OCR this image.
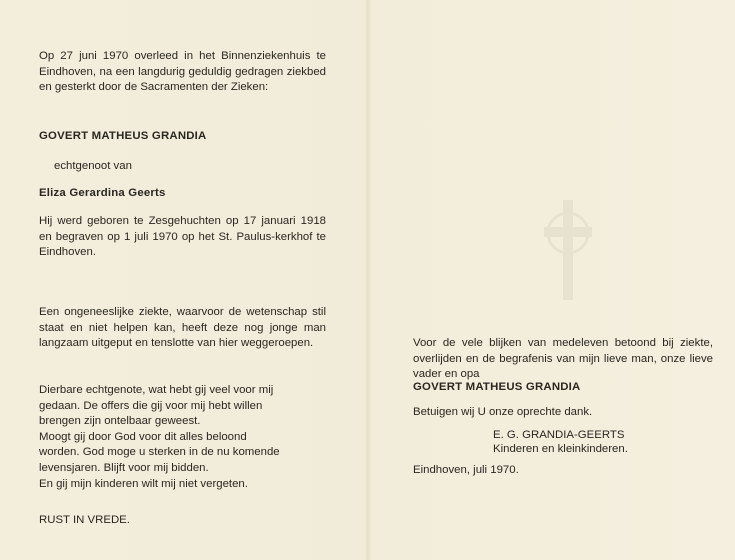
Op 27 juni 1970 overleed in het Binnenziekenhuis te Eindhoven, na een langdurig geduldig gedragen ziekbed en gesterkt door de Sacramenten der Zieken:

GOVERT MATHEUS GRANDIA

echtgenoot van

Eliza Gerardina Geerts

Hij werd geboren te Zesgehuchten op 17 januari 1918 en begraven op 1 juli 1970 op het St. Paulus-kerkhof te Eindhoven.

Een ongeneeslijke ziekte, waarvoor de wetenschap stil staat en niet helpen kan, heeft deze nog jonge man langzaam uitgeput en tenslotte van hier weggeroepen.

Dierbare echtgenote, wat hebt gij veel voor mij
gedaan. De offers die gij voor mij hebt willen
brengen zijn ontelbaar geweest.
Moogt gij door God voor dit alles beloond
worden. God moge u sterken in de nu komende
levensjaren. Blijft voor mij bidden.
En gij mijn kinderen wilt mij niet vergeten.

RUST IN VREDE.

Voor de vele blijken van medeleven betoond bij ziekte, overlijden en de begrafenis van mijn lieve man, onze lieve vader en opa

GOVERT MATHEUS GRANDIA

Betuigen wij U onze oprechte dank.

E. G. GRANDIA-GEERTS

Kinderen en kleinkinderen.

Eindhoven, juli 1970.
